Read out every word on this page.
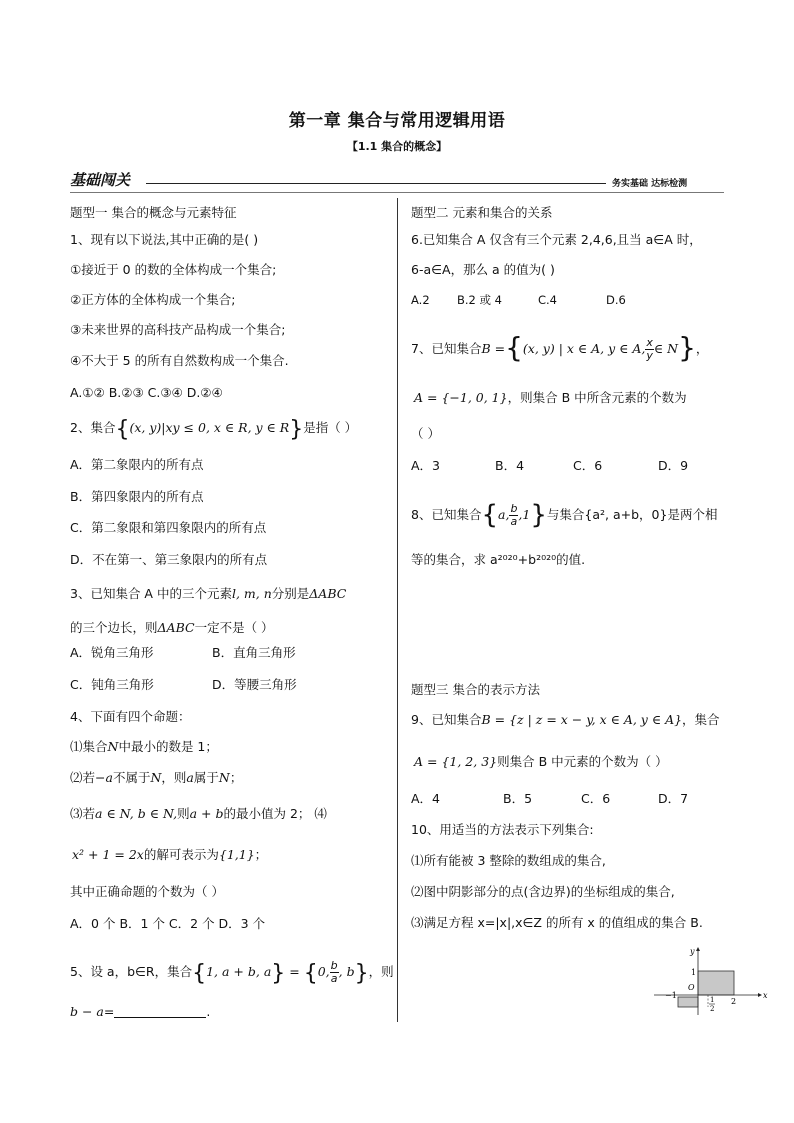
第一章 集合与常用逻辑用语
【1.1 集合的概念】
基础闯关	务实基础 达标检测
题型一 集合的概念与元素特征
1、现有以下说法,其中正确的是( )
①接近于 0 的数的全体构成一个集合;
②正方体的全体构成一个集合;
③未来世界的高科技产品构成一个集合;
④不大于 5 的所有自然数构成一个集合.
A.①② B.②③ C.③④ D.②④
2、集合{(x, y)|xy ≤ 0, x ∈ R, y ∈ R}是指（ ）
A．第二象限内的所有点
B．第四象限内的所有点
C．第二象限和第四象限内的所有点
D．不在第一、第三象限内的所有点
3、已知集合 A 中的三个元素l, m, n分别是ΔABC
的三个边长，则ΔABC一定不是（ ）
A．锐角三角形	B．直角三角形
C．钝角三角形	D．等腰三角形
4、下面有四个命题：
⑴集合N中最小的数是 1；
⑵若−a不属于N，则a属于N；
⑶若a ∈ N, b ∈ N,则a + b的最小值为 2； ⑷
x² + 1 = 2x的解可表示为{1,1}；
其中正确命题的个数为（ ）
A．0 个 B．1 个 C．2 个 D．3 个
5、设 a，b∈R，集合{1, a + b, a} = {0, $\frac{b}{a}$ , b}，则
b − a=	.
题型二 元素和集合的关系
6.已知集合 A 仅含有三个元素 2,4,6,且当 a∈A 时，
6-a∈A，那么 a 的值为( )
A.2 B.2 或 4	C.4	D.6
7、已知集合B ={(x, y) | x ∈ A, y ∈ A, $\frac{x}{y}$ ∈ N}，
A = {−1, 0, 1}，则集合 B 中所含元素的个数为
（ ）
A．3	B．4	C．6	D．9
8、已知集合{a, $\frac{b}{a} ,1$}与集合{a², a+b，0}是两个相
等的集合，求 a²⁰²⁰+b²⁰²⁰的值.
题型三 集合的表示方法
9、已知集合B = {z | z = x − y, x ∈ A, y ∈ A}，集合
A = {1, 2, 3}则集合 B 中元素的个数为（ ）
A．4	B．5	C．6	D．7
10、用适当的方法表示下列集合:
⑴所有能被 3 整除的数组成的集合,
⑵图中阴影部分的点(含边界)的坐标组成的集合,
⑶满足方程 x=|x|,x∈Z 的所有 x 的值组成的集合 B.
x
y
O
1
−1	1
2
2
